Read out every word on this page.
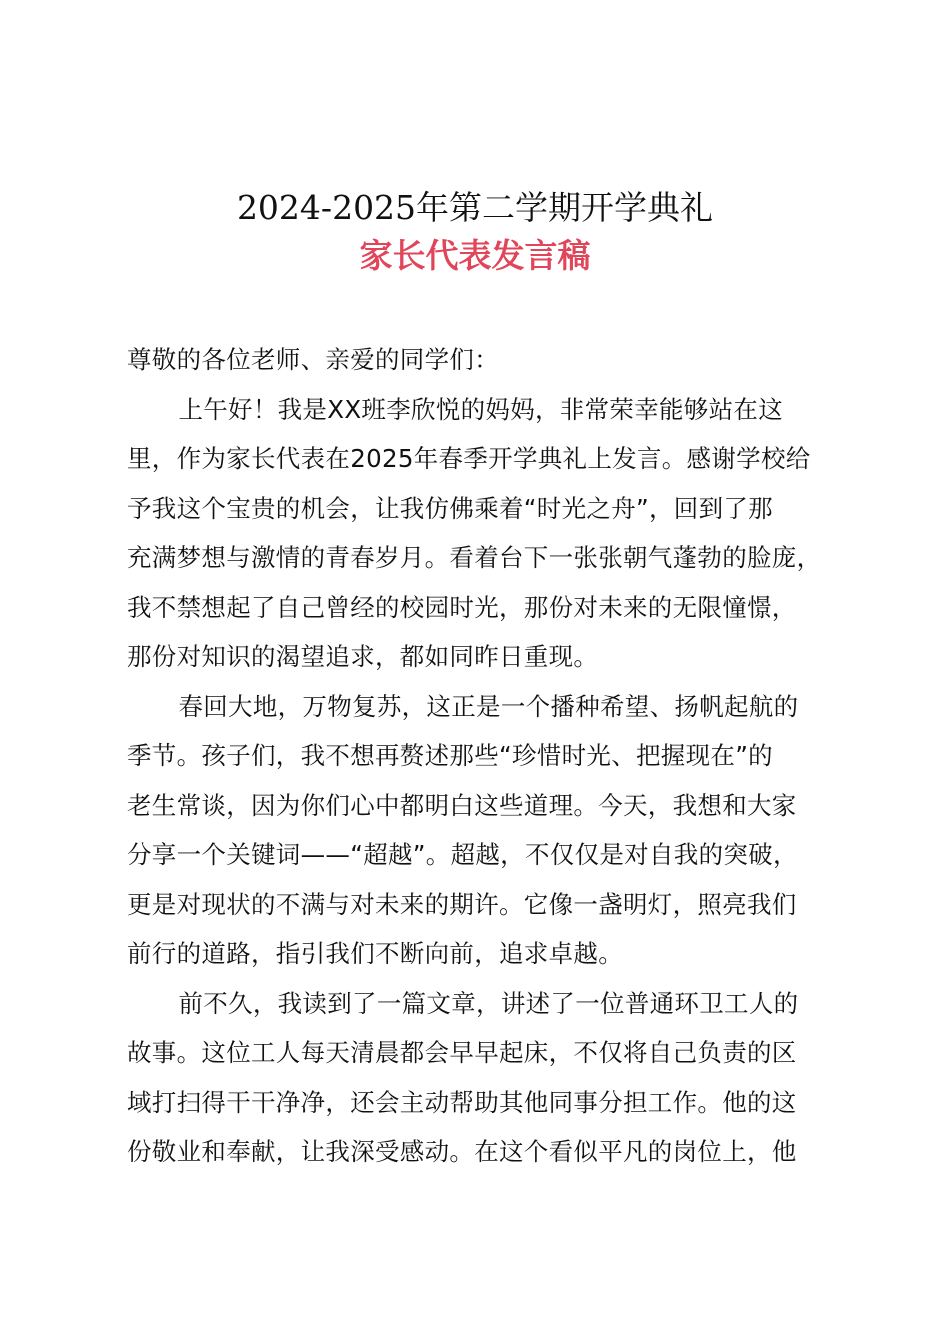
2024-2025年第二学期开学典礼
家长代表发言稿

尊敬的各位老师、亲爱的同学们：

上午好！我是XX班李欣悦的妈妈，非常荣幸能够站在这
里，作为家长代表在2025年春季开学典礼上发言。感谢学校给
予我这个宝贵的机会，让我仿佛乘着“时光之舟”，回到了那
充满梦想与激情的青春岁月。看着台下一张张朝气蓬勃的脸庞，
我不禁想起了自己曾经的校园时光，那份对未来的无限憧憬，
那份对知识的渴望追求，都如同昨日重现。

春回大地，万物复苏，这正是一个播种希望、扬帆起航的
季节。孩子们，我不想再赘述那些“珍惜时光、把握现在”的
老生常谈，因为你们心中都明白这些道理。今天，我想和大家
分享一个关键词——“超越”。超越，不仅仅是对自我的突破，
更是对现状的不满与对未来的期许。它像一盏明灯，照亮我们
前行的道路，指引我们不断向前，追求卓越。

前不久，我读到了一篇文章，讲述了一位普通环卫工人的
故事。这位工人每天清晨都会早早起床，不仅将自己负责的区
域打扫得干干净净，还会主动帮助其他同事分担工作。他的这
份敬业和奉献，让我深受感动。在这个看似平凡的岗位上，他
